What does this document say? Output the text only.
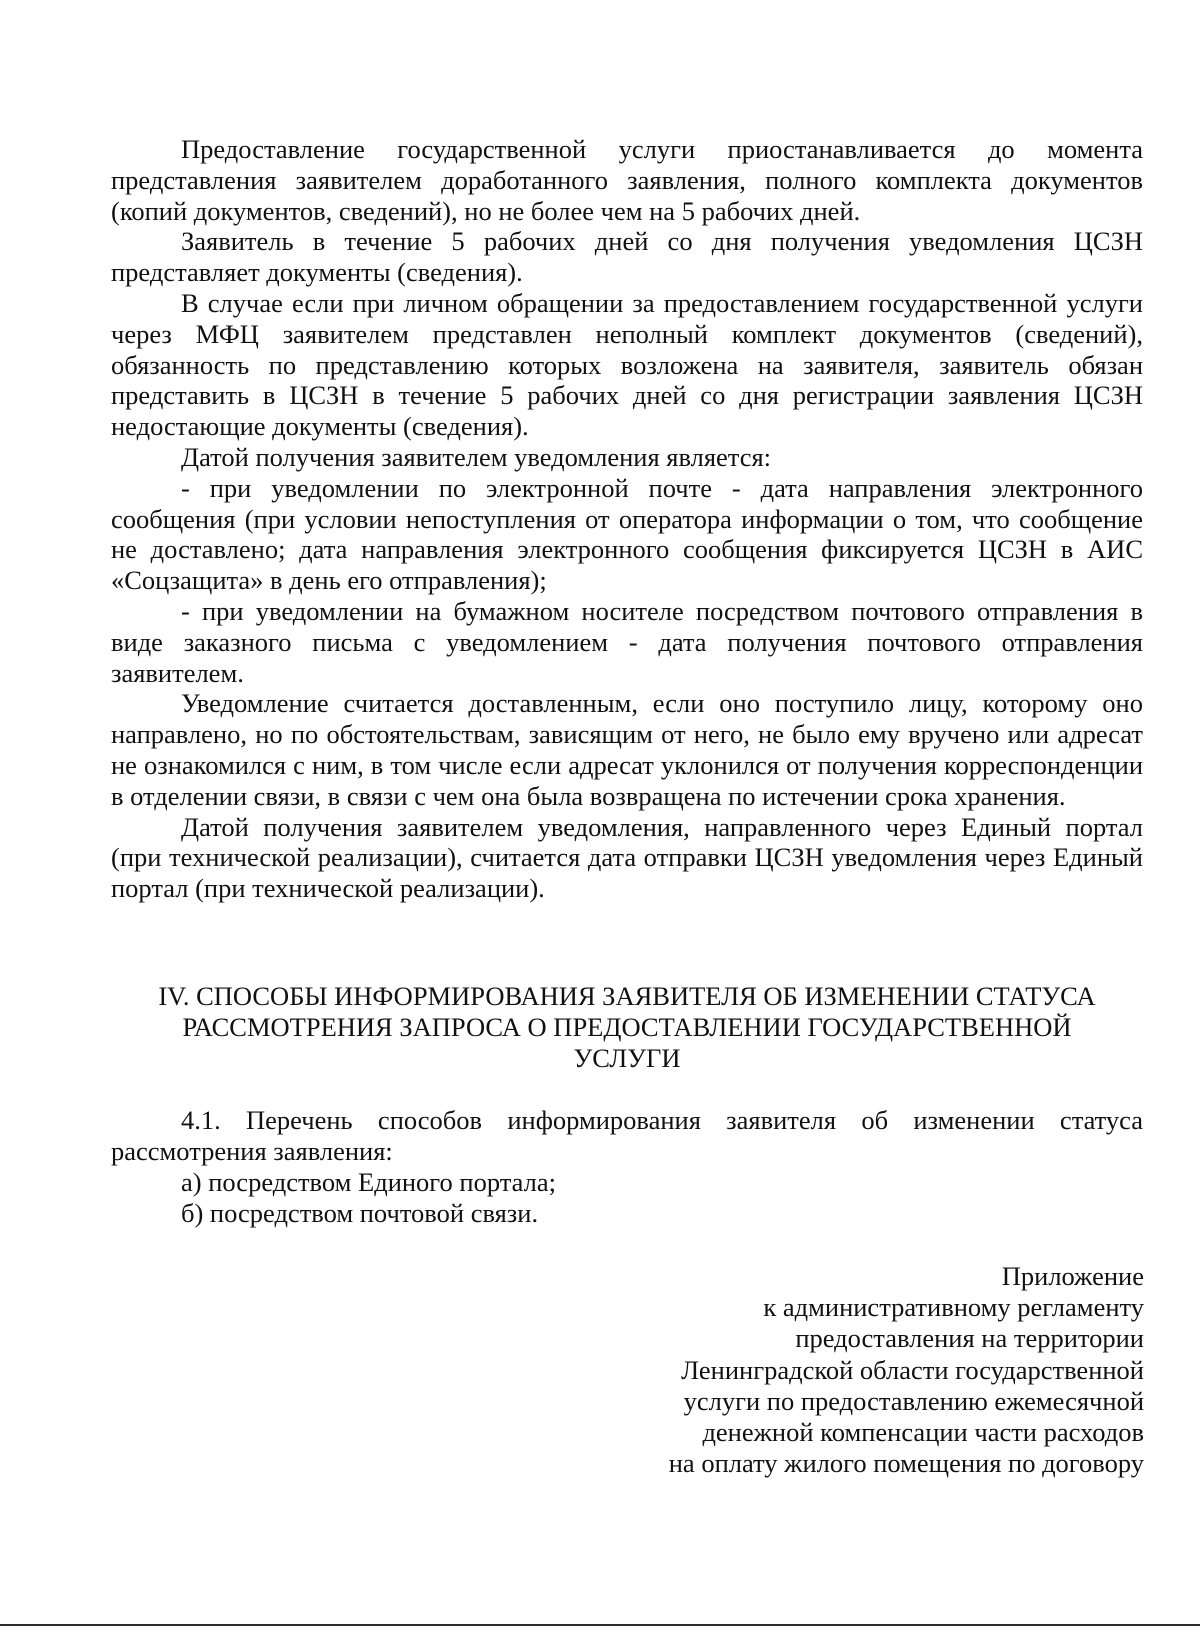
Предоставление государственной услуги приостанавливается до момента представления заявителем доработанного заявления, полного комплекта документов (копий документов, сведений), но не более чем на 5 рабочих дней.

Заявитель в течение 5 рабочих дней со дня получения уведомления ЦСЗН представляет документы (сведения).

В случае если при личном обращении за предоставлением государственной услуги через МФЦ заявителем представлен неполный комплект документов (сведений), обязанность по представлению которых возложена на заявителя, заявитель обязан представить в ЦСЗН в течение 5 рабочих дней со дня регистрации заявления ЦСЗН недостающие документы (сведения).

Датой получения заявителем уведомления является:

- при уведомлении по электронной почте - дата направления электронного сообщения (при условии непоступления от оператора информации о том, что сообщение не доставлено; дата направления электронного сообщения фиксируется ЦСЗН в АИС «Соцзащита» в день его отправления);

- при уведомлении на бумажном носителе посредством почтового отправления в виде заказного письма с уведомлением - дата получения почтового отправления заявителем.

Уведомление считается доставленным, если оно поступило лицу, которому оно направлено, но по обстоятельствам, зависящим от него, не было ему вручено или адресат не ознакомился с ним, в том числе если адресат уклонился от получения корреспонденции в отделении связи, в связи с чем она была возвращена по истечении срока хранения.

Датой получения заявителем уведомления, направленного через Единый портал (при технической реализации), считается дата отправки ЦСЗН уведомления через Единый портал (при технической реализации).

IV. СПОСОБЫ ИНФОРМИРОВАНИЯ ЗАЯВИТЕЛЯ ОБ ИЗМЕНЕНИИ СТАТУСА
РАССМОТРЕНИЯ ЗАПРОСА О ПРЕДОСТАВЛЕНИИ ГОСУДАРСТВЕННОЙ
УСЛУГИ

4.1. Перечень способов информирования заявителя об изменении статуса рассмотрения заявления:

а) посредством Единого портала;

б) посредством почтовой связи.

Приложение
к административному регламенту
предоставления на территории
Ленинградской области государственной
услуги по предоставлению ежемесячной
денежной компенсации части расходов
на оплату жилого помещения по договору
